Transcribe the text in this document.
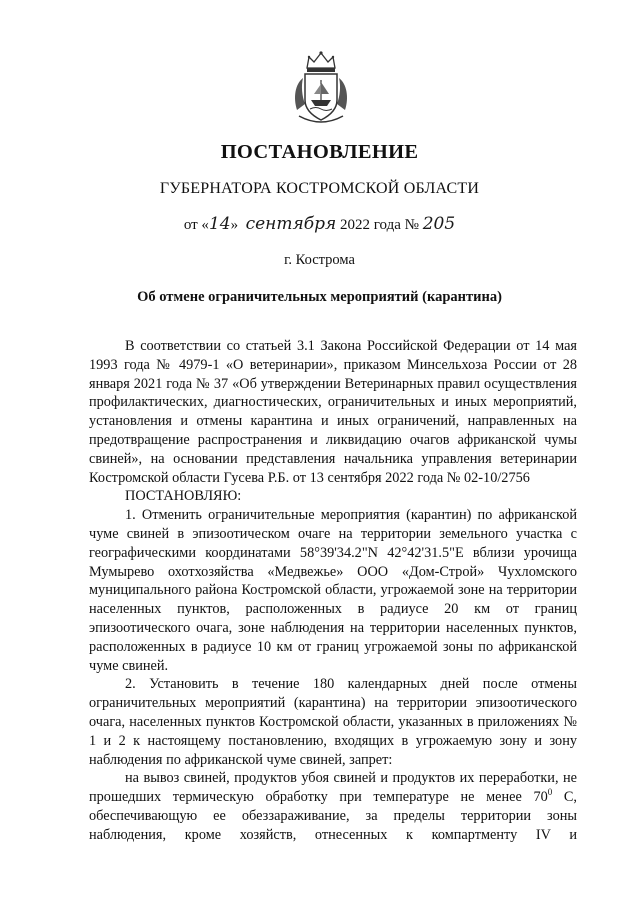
ПОСТАНОВЛЕНИЕ
ГУБЕРНАТОРА КОСТРОМСКОЙ ОБЛАСТИ
от «14» сентября 2022 года № 205
г. Кострома
Об отмене ограничительных мероприятий (карантина)

В соответствии со статьей 3.1 Закона Российской Федерации от 14 мая 1993 года № 4979-1 «О ветеринарии», приказом Минсельхоза России от 28 января 2021 года № 37 «Об утверждении Ветеринарных правил осуществления профилактических, диагностических, ограничительных и иных мероприятий, установления и отмены карантина и иных ограничений, направленных на предотвращение распространения и ликвидацию очагов африканской чумы свиней», на основании представления начальника управления ветеринарии Костромской области Гусева Р.Б. от 13 сентября 2022 года № 02-10/2756

ПОСТАНОВЛЯЮ:

1. Отменить ограничительные мероприятия (карантин) по африканской чуме свиней в эпизоотическом очаге на территории земельного участка с географическими координатами 58°39'34.2"N 42°42'31.5"E вблизи урочища Мумырево охотхозяйства «Медвежье» ООО «Дом-Строй» Чухломского муниципального района Костромской области, угрожаемой зоне на территории населенных пунктов, расположенных в радиусе 20 км от границ эпизоотического очага, зоне наблюдения на территории населенных пунктов, расположенных в радиусе 10 км от границ угрожаемой зоны по африканской чуме свиней.

2. Установить в течение 180 календарных дней после отмены ограничительных мероприятий (карантина) на территории эпизоотического очага, населенных пунктов Костромской области, указанных в приложениях № 1 и 2 к настоящему постановлению, входящих в угрожаемую зону и зону наблюдения по африканской чуме свиней, запрет:

на вывоз свиней, продуктов убоя свиней и продуктов их переработки, не прошедших термическую обработку при температуре не менее $70^0$ С, обеспечивающую ее обеззараживание, за пределы территории зоны наблюдения, кроме хозяйств, отнесенных к компартменту IV и
